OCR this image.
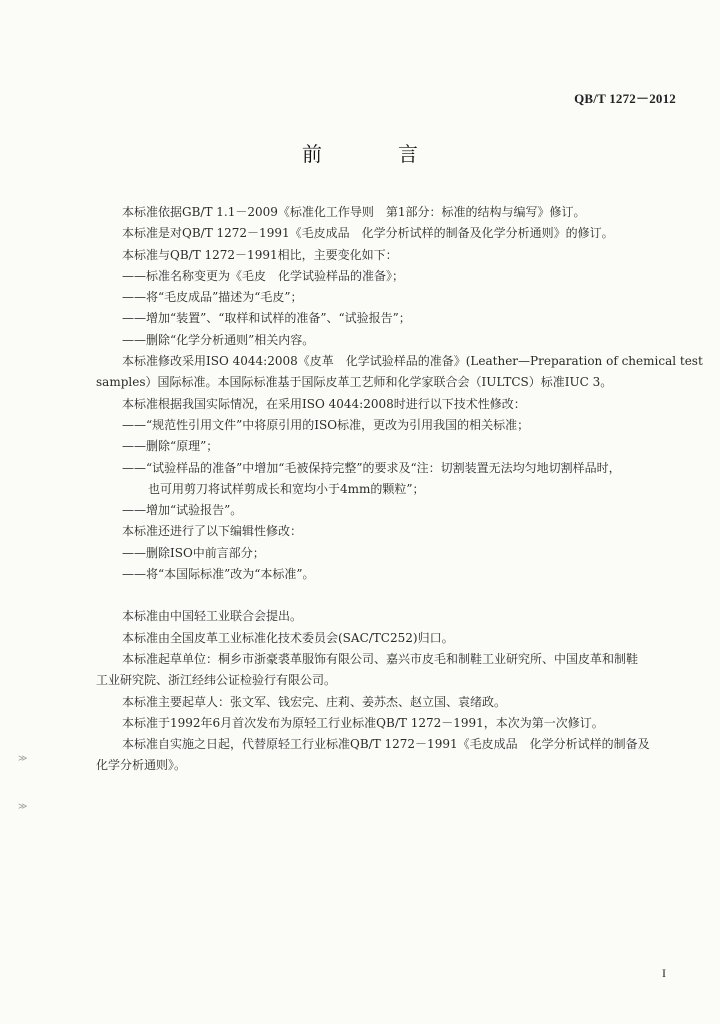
QB/T 1272－2012
前　言
本标准依据GB/T 1.1－2009《标准化工作导则　第1部分：标准的结构与编写》修订。
本标准是对QB/T 1272－1991《毛皮成品　化学分析试样的制备及化学分析通则》的修订。
本标准与QB/T 1272－1991相比，主要变化如下：
——标准名称变更为《毛皮　化学试验样品的准备》；
——将“毛皮成品”描述为“毛皮”；
——增加“装置”、“取样和试样的准备”、“试验报告”；
——删除“化学分析通则”相关内容。
本标准修改采用ISO 4044:2008《皮革　化学试验样品的准备》(Leather—Preparation of chemical test
samples）国际标准。本国际标准基于国际皮革工艺师和化学家联合会（IULTCS）标准IUC 3。
本标准根据我国实际情况，在采用ISO 4044:2008时进行以下技术性修改：
——“规范性引用文件”中将原引用的ISO标准，更改为引用我国的相关标准；
——删除“原理”；
——“试验样品的准备”中增加“毛被保持完整”的要求及“注：切割装置无法均匀地切割样品时，
也可用剪刀将试样剪成长和宽均小于4mm的颗粒”；
——增加“试验报告”。
本标准还进行了以下编辑性修改：
——删除ISO中前言部分；
——将“本国际标准”改为“本标准”。
本标准由中国轻工业联合会提出。
本标准由全国皮革工业标准化技术委员会(SAC/TC252)归口。
本标准起草单位：桐乡市浙豪裘革服饰有限公司、嘉兴市皮毛和制鞋工业研究所、中国皮革和制鞋
工业研究院、浙江经纬公证检验行有限公司。
本标准主要起草人：张文军、钱宏完、庄莉、姜苏杰、赵立国、袁绪政。
本标准于1992年6月首次发布为原轻工行业标准QB/T 1272－1991，本次为第一次修订。
本标准自实施之日起，代替原轻工行业标准QB/T 1272－1991《毛皮成品　化学分析试样的制备及
化学分析通则》。
≫
≫
I
